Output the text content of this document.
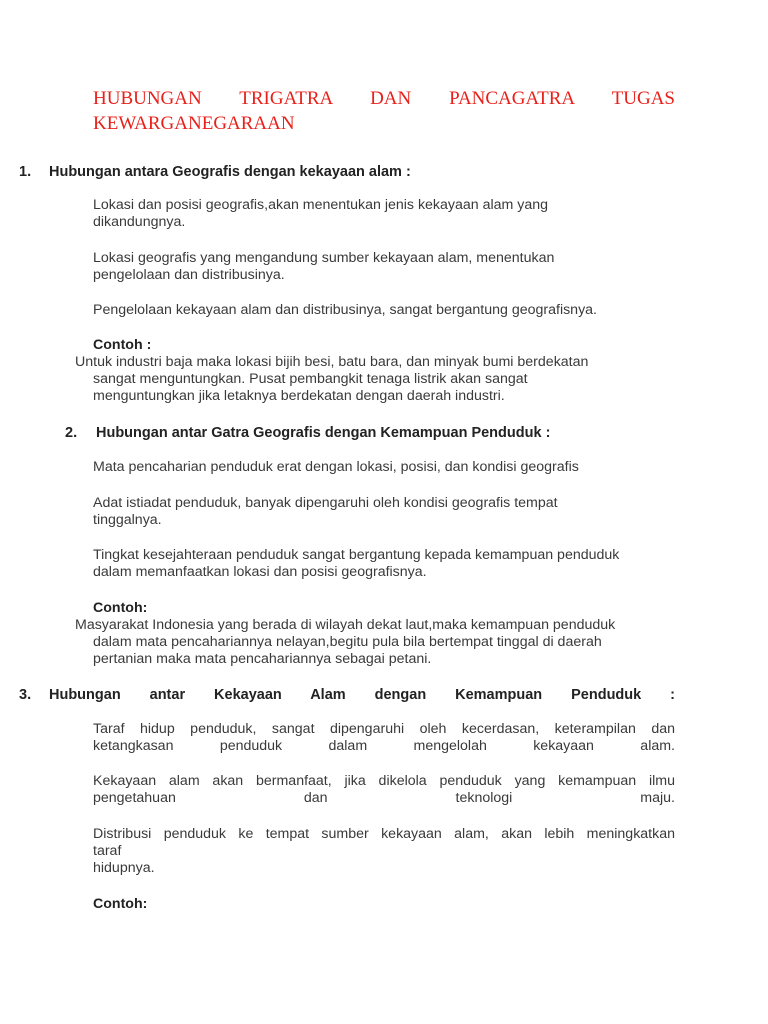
HUBUNGAN TRIGATRA DAN PANCAGATRA TUGAS
KEWARGANEGARAAN
1. Hubungan antara Geografis dengan kekayaan alam :
Lokasi dan posisi geografis,akan menentukan jenis kekayaan alam yang
dikandungnya.
Lokasi geografis yang mengandung sumber kekayaan alam, menentukan
pengelolaan dan distribusinya.
Pengelolaan kekayaan alam dan distribusinya, sangat bergantung geografisnya.
Contoh :
Untuk industri baja maka lokasi bijih besi, batu bara, dan minyak bumi berdekatan
sangat menguntungkan. Pusat pembangkit tenaga listrik akan sangat
menguntungkan jika letaknya berdekatan dengan daerah industri.
2. Hubungan antar Gatra Geografis dengan Kemampuan Penduduk :
Mata pencaharian penduduk erat dengan lokasi, posisi, dan kondisi geografis
Adat istiadat penduduk, banyak dipengaruhi oleh kondisi geografis tempat
tinggalnya.
Tingkat kesejahteraan penduduk sangat bergantung kepada kemampuan penduduk
dalam memanfaatkan lokasi dan posisi geografisnya.
Contoh:
Masyarakat Indonesia yang berada di wilayah dekat laut,maka kemampuan penduduk
dalam mata pencahariannya nelayan,begitu pula bila bertempat tinggal di daerah
pertanian maka mata pencahariannya sebagai petani.
3. Hubungan antar Kekayaan Alam dengan Kemampuan Penduduk :
Taraf hidup penduduk, sangat dipengaruhi oleh kecerdasan, keterampilan dan
ketangkasan penduduk dalam mengelolah kekayaan alam.
Kekayaan alam akan bermanfaat, jika dikelola penduduk yang kemampuan ilmu
pengetahuan dan teknologi maju.
Distribusi penduduk ke tempat sumber kekayaan alam, akan lebih meningkatkan
taraf
hidupnya.
Contoh:
